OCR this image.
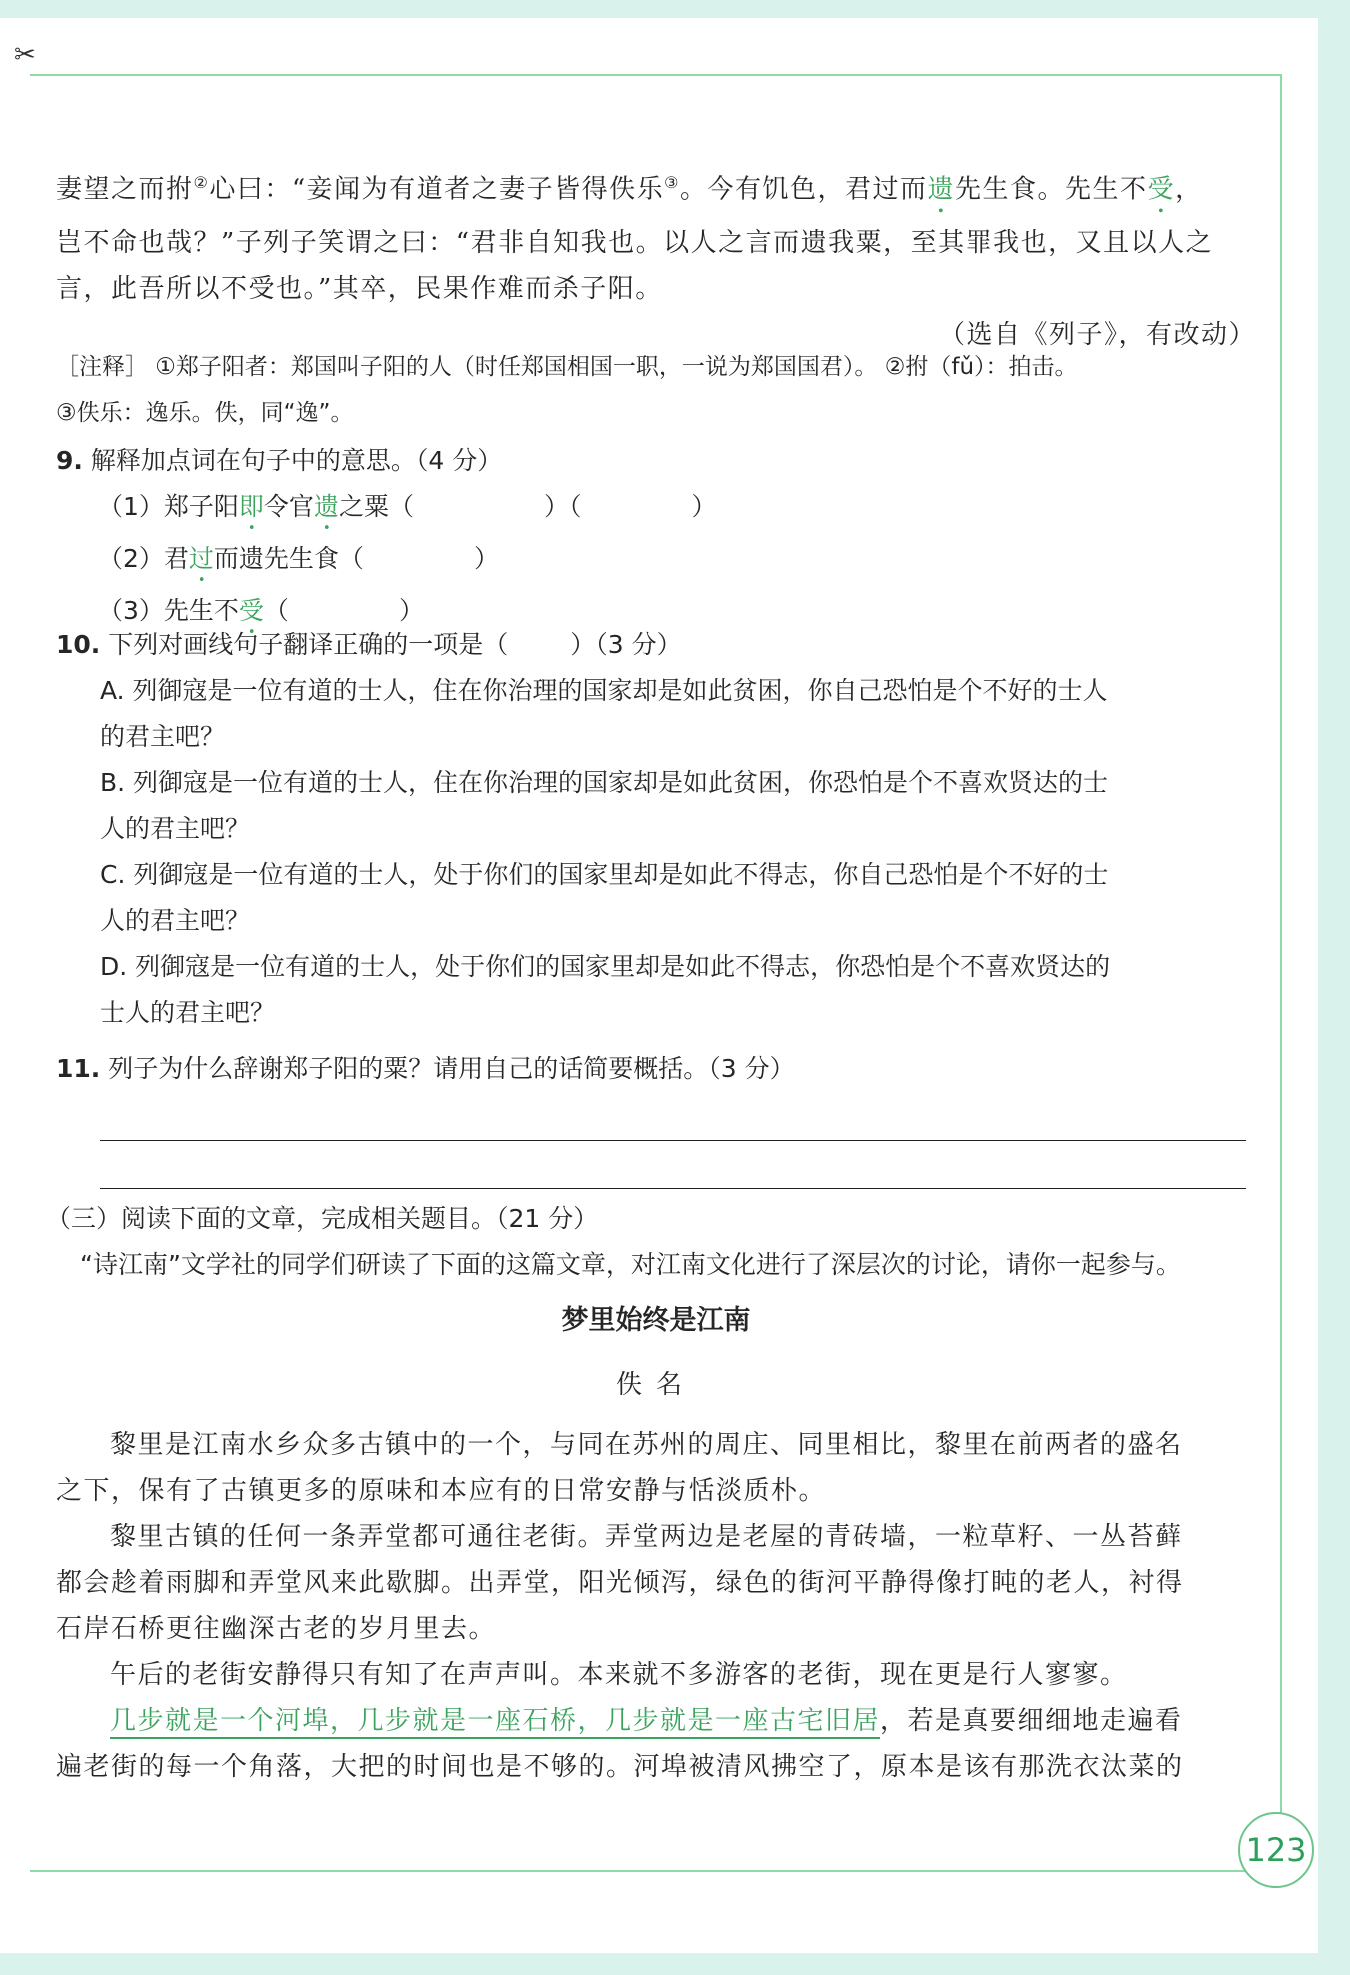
✂
123
妻望之而拊②心曰：“妾闻为有道者之妻子皆得佚乐③。今有饥色，君过而遗先生食。先生不受，
岂不命也哉？”子列子笑谓之曰：“君非自知我也。以人之言而遗我粟，至其罪我也，又且以人之
言，此吾所以不受也。”其卒，民果作难而杀子阳。
（选自《列子》，有改动）
［注释］ ①郑子阳者：郑国叫子阳的人（时任郑国相国一职，一说为郑国国君）。 ②拊（fǔ）：拍击。
③佚乐：逸乐。佚，同“逸”。
9. 解释加点词在句子中的意思。（4 分）
（1）郑子阳即令官遗之粟（	）（	）
（2）君过而遗先生食（	）
（3）先生不受（	）
10. 下列对画线句子翻译正确的一项是（ ）（3 分）
A. 列御寇是一位有道的士人，住在你治理的国家却是如此贫困，你自己恐怕是个不好的士人
的君主吧？
B. 列御寇是一位有道的士人，住在你治理的国家却是如此贫困，你恐怕是个不喜欢贤达的士
人的君主吧？
C. 列御寇是一位有道的士人，处于你们的国家里却是如此不得志，你自己恐怕是个不好的士
人的君主吧？
D. 列御寇是一位有道的士人，处于你们的国家里却是如此不得志，你恐怕是个不喜欢贤达的
士人的君主吧？
11. 列子为什么辞谢郑子阳的粟？请用自己的话简要概括。（3 分）
（三）阅读下面的文章，完成相关题目。（21 分）
“诗江南”文学社的同学们研读了下面的这篇文章，对江南文化进行了深层次的讨论，请你一起参与。
梦里始终是江南
佚名
黎里是江南水乡众多古镇中的一个，与同在苏州的周庄、同里相比，黎里在前两者的盛名
之下，保有了古镇更多的原味和本应有的日常安静与恬淡质朴。
黎里古镇的任何一条弄堂都可通往老街。弄堂两边是老屋的青砖墙，一粒草籽、一丛苔藓
都会趁着雨脚和弄堂风来此歇脚。出弄堂，阳光倾泻，绿色的街河平静得像打盹的老人，衬得
石岸石桥更往幽深古老的岁月里去。
午后的老街安静得只有知了在声声叫。本来就不多游客的老街，现在更是行人寥寥。
几步就是一个河埠，几步就是一座石桥，几步就是一座古宅旧居，若是真要细细地走遍看
遍老街的每一个角落，大把的时间也是不够的。河埠被清风拂空了，原本是该有那洗衣汰菜的
